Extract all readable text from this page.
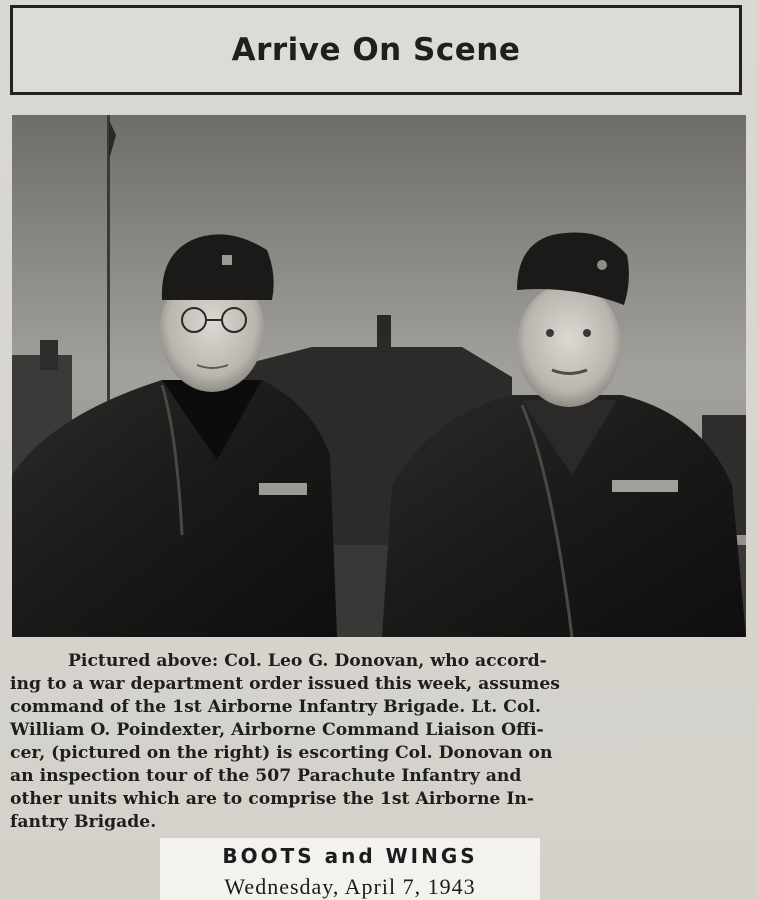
Arrive On Scene
Pictured above: Col. Leo G. Donovan, who accord-
ing to a war department order issued this week, assumes
command of the 1st Airborne Infantry Brigade. Lt. Col.
William O. Poindexter, Airborne Command Liaison Offi-
cer, (pictured on the right) is escorting Col. Donovan on
an inspection tour of the 507 Parachute Infantry and
other units which are to comprise the 1st Airborne In-
fantry Brigade.
BOOTS and WINGS
Wednesday, April 7, 1943
